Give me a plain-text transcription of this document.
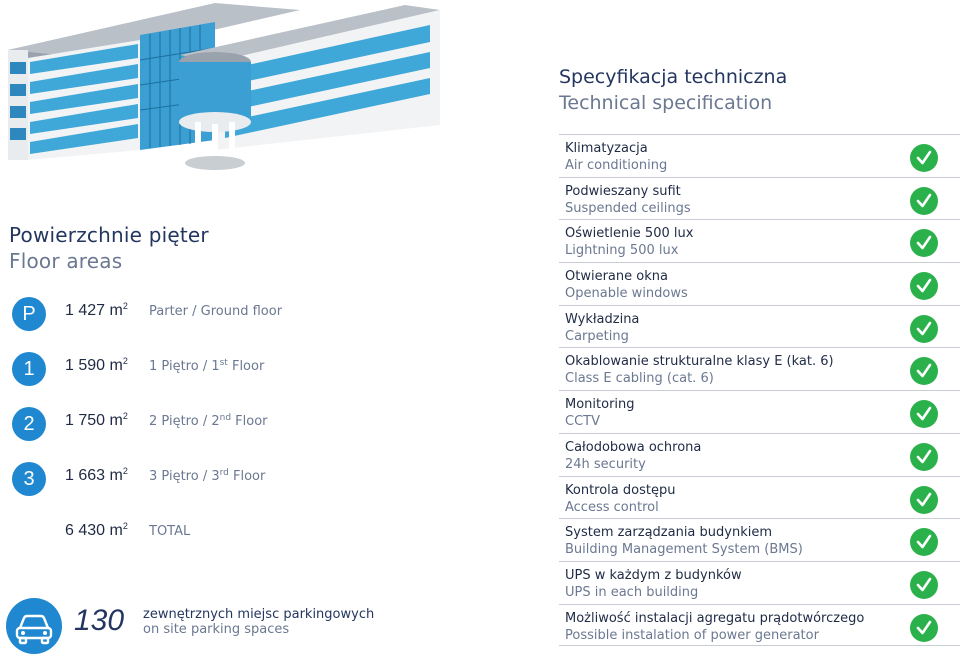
Powierzchnie pięter
Floor areas
P	1 427 $m^2$ Parter / Ground floor
1	1 590 $m^2$ 1 Piętro / 1st Floor
2	1 750 $m^2$ 2 Piętro / 2nd Floor
3	1 663 $m^2$ 3 Piętro / 3rd Floor
6 430 $m^2$ TOTAL
130 zewnętrznych miejsc parkingowych
on site parking spaces
Specyfikacja techniczna
Technical specification
Klimatyzacja
Air conditioning
Podwieszany sufit
Suspended ceilings
Oświetlenie 500 lux
Lightning 500 lux
Otwierane okna
Openable windows
Wykładzina
Carpeting
Okablowanie strukturalne klasy E (kat. 6)
Class E cabling (cat. 6)
Monitoring
CCTV
Całodobowa ochrona
24h security
Kontrola dostępu
Access control
System zarządzania budynkiem
Building Management System (BMS)
UPS w każdym z budynków
UPS in each building
Możliwość instalacji agregatu prądotwórczego
Possible instalation of power generator
